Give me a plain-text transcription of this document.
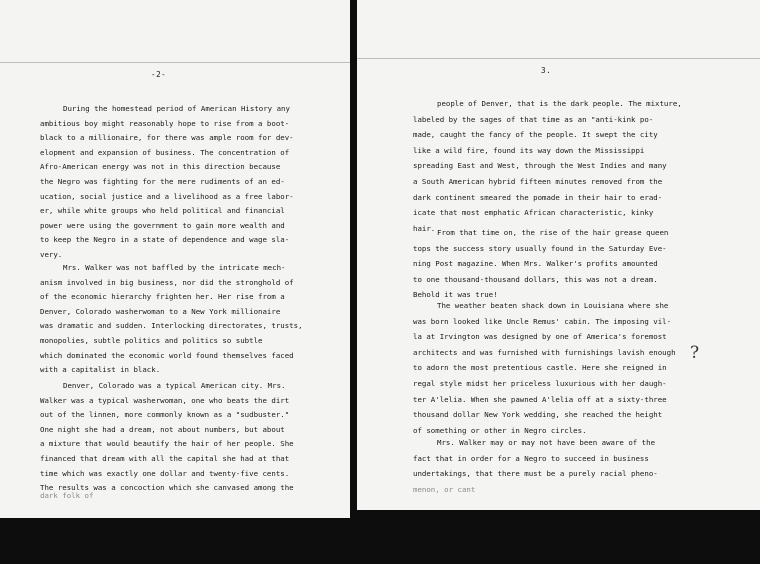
-2-
During the homestead period of American History any
ambitious boy might reasonably hope to rise from a boot-
black to a millionaire, for there was ample room for dev-
elopment and expansion of business. The concentration of
Afro-American energy was not in this direction because
the Negro was fighting for the mere rudiments of an ed-
ucation, social justice and a livelihood as a free labor-
er, while white groups who held political and financial
power were using the government to gain more wealth and
to keep the Negro in a state of dependence and wage sla-
very.
Mrs. Walker was not baffled by the intricate mech-
anism involved in big business, nor did the stronghold of
of the economic hierarchy frighten her. Her rise from a
Denver, Colorado washerwoman to a New York millionaire
was dramatic and sudden. Interlocking directorates, trusts,
monopolies, subtle politics and politics so subtle
which dominated the economic world found themselves faced
with a capitalist in black.
Denver, Colorado was a typical American city. Mrs.
Walker was a typical washerwoman, one who beats the dirt
out of the linnen, more commonly known as a "sudbuster."
One night she had a dream, not about numbers, but about
a mixture that would beautify the hair of her people. She
financed that dream with all the capital she had at that
time which was exactly one dollar and twenty-five cents.
The results was a concoction which she canvased among the
dark folk of
3.
people of Denver, that is the dark people. The mixture,
labeled by the sages of that time as an "anti-kink po-
made, caught the fancy of the people. It swept the city
like a wild fire, found its way down the Mississippi
spreading East and West, through the West Indies and many
a South American hybrid fifteen minutes removed from the
dark continent smeared the pomade in their hair to erad-
icate that most emphatic African characteristic, kinky
hair. From that time on, the rise of the hair grease queen
tops the success story usually found in the Saturday Eve-
ning Post magazine. When Mrs. Walker's profits amounted
to one thousand-thousand dollars, this was not a dream.
Behold it was true!
The weather beaten shack down in Louisiana where she
was born looked like Uncle Remus' cabin. The imposing vil-
la at Irvington was designed by one of America's foremost
architects and was furnished with furnishings lavish enough
to adorn the most pretentious castle. Here she reigned in
regal style midst her priceless luxurious with her daugh-
ter A'lelia. When she pawned A'lelia off at a sixty-three
thousand dollar New York wedding, she reached the height
of something or other in Negro circles.
Mrs. Walker may or may not have been aware of the
fact that in order for a Negro to succeed in business
undertakings, that there must be a purely racial pheno-
menon, or cant
?
